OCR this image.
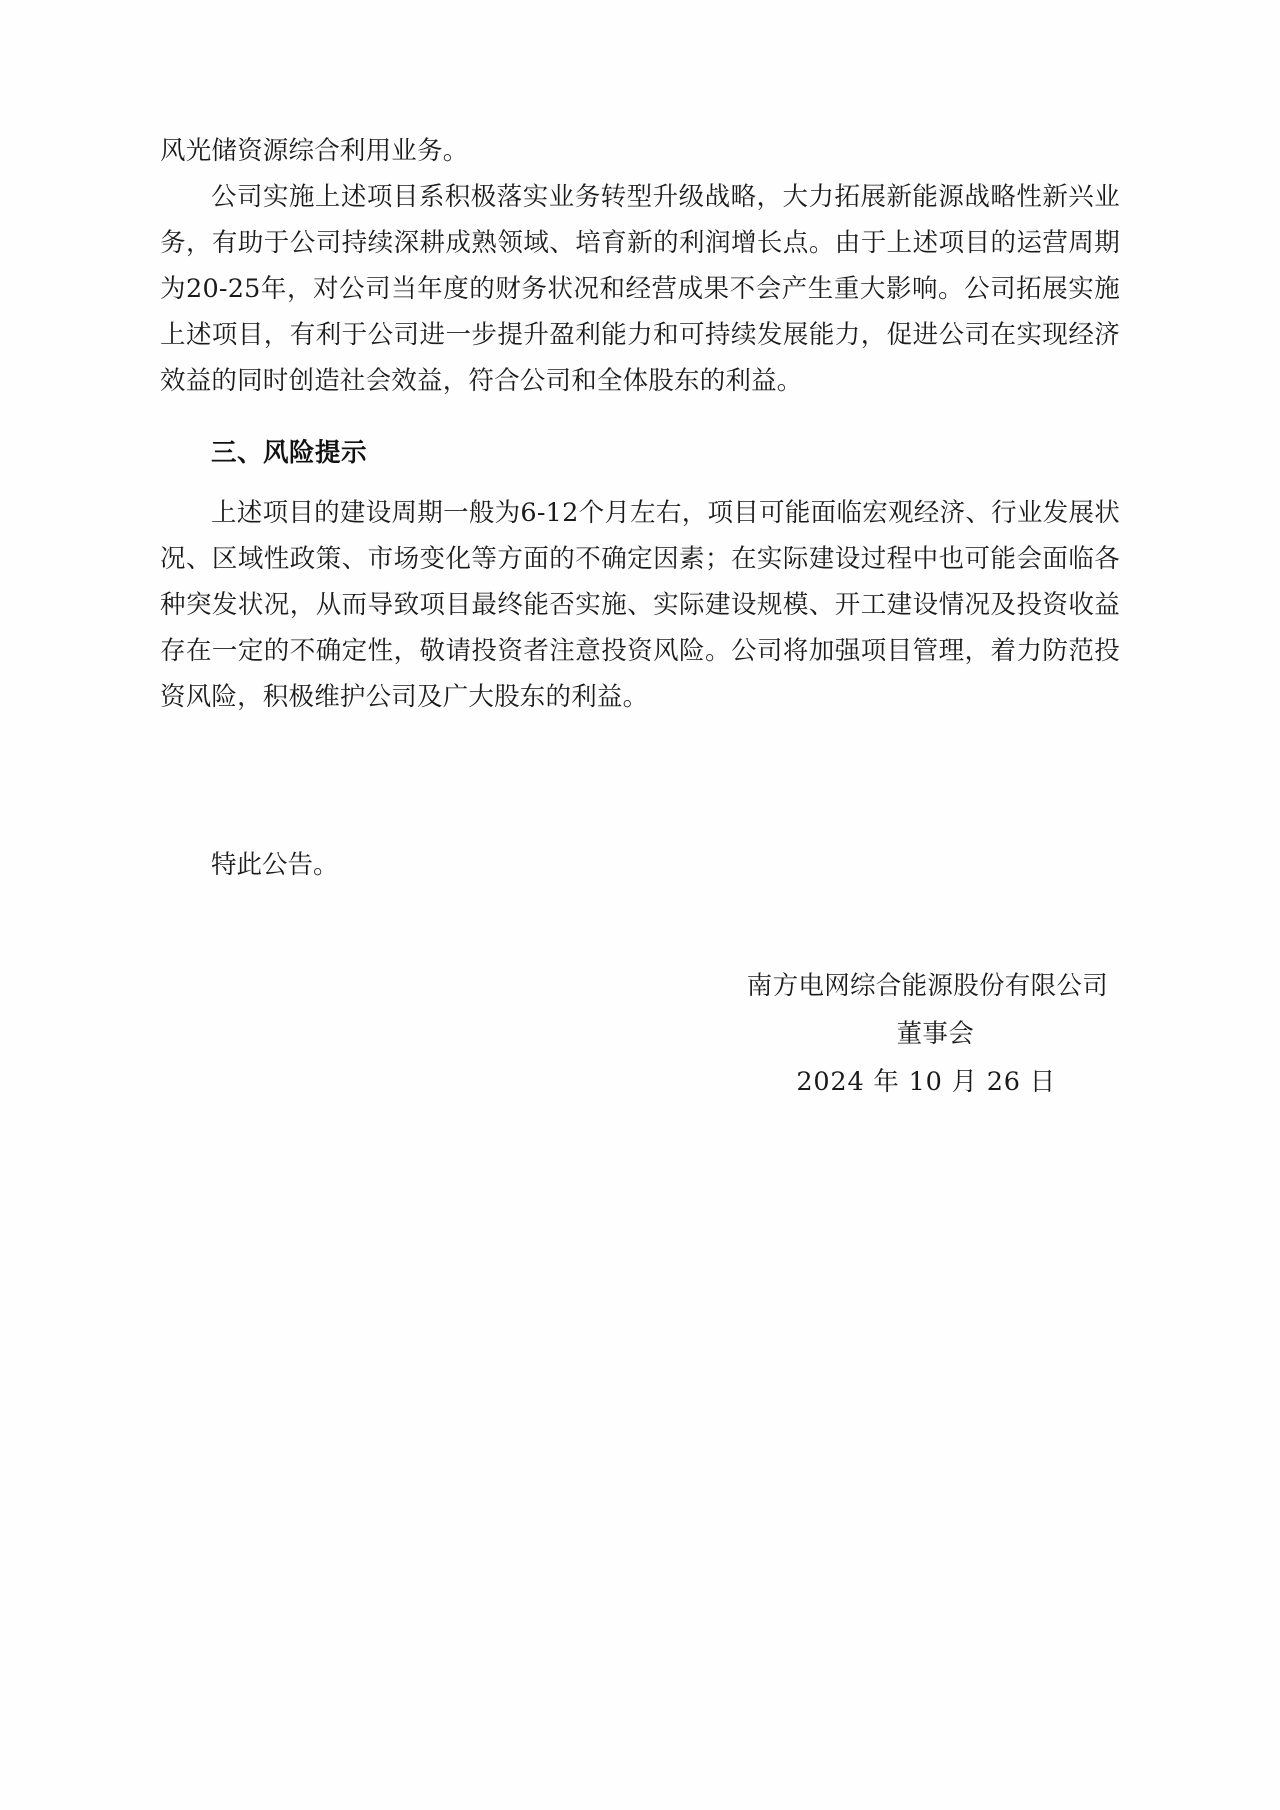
风光储资源综合利用业务。

公司实施上述项目系积极落实业务转型升级战略，大力拓展新能源战略性新兴业务，有助于公司持续深耕成熟领域、培育新的利润增长点。由于上述项目的运营周期为20-25年，对公司当年度的财务状况和经营成果不会产生重大影响。公司拓展实施上述项目，有利于公司进一步提升盈利能力和可持续发展能力，促进公司在实现经济效益的同时创造社会效益，符合公司和全体股东的利益。

三、风险提示

上述项目的建设周期一般为6-12个月左右，项目可能面临宏观经济、行业发展状况、区域性政策、市场变化等方面的不确定因素；在实际建设过程中也可能会面临各种突发状况，从而导致项目最终能否实施、实际建设规模、开工建设情况及投资收益存在一定的不确定性，敬请投资者注意投资风险。公司将加强项目管理，着力防范投资风险，积极维护公司及广大股东的利益。

特此公告。

南方电网综合能源股份有限公司
董事会
2024 年 10 月 26 日
